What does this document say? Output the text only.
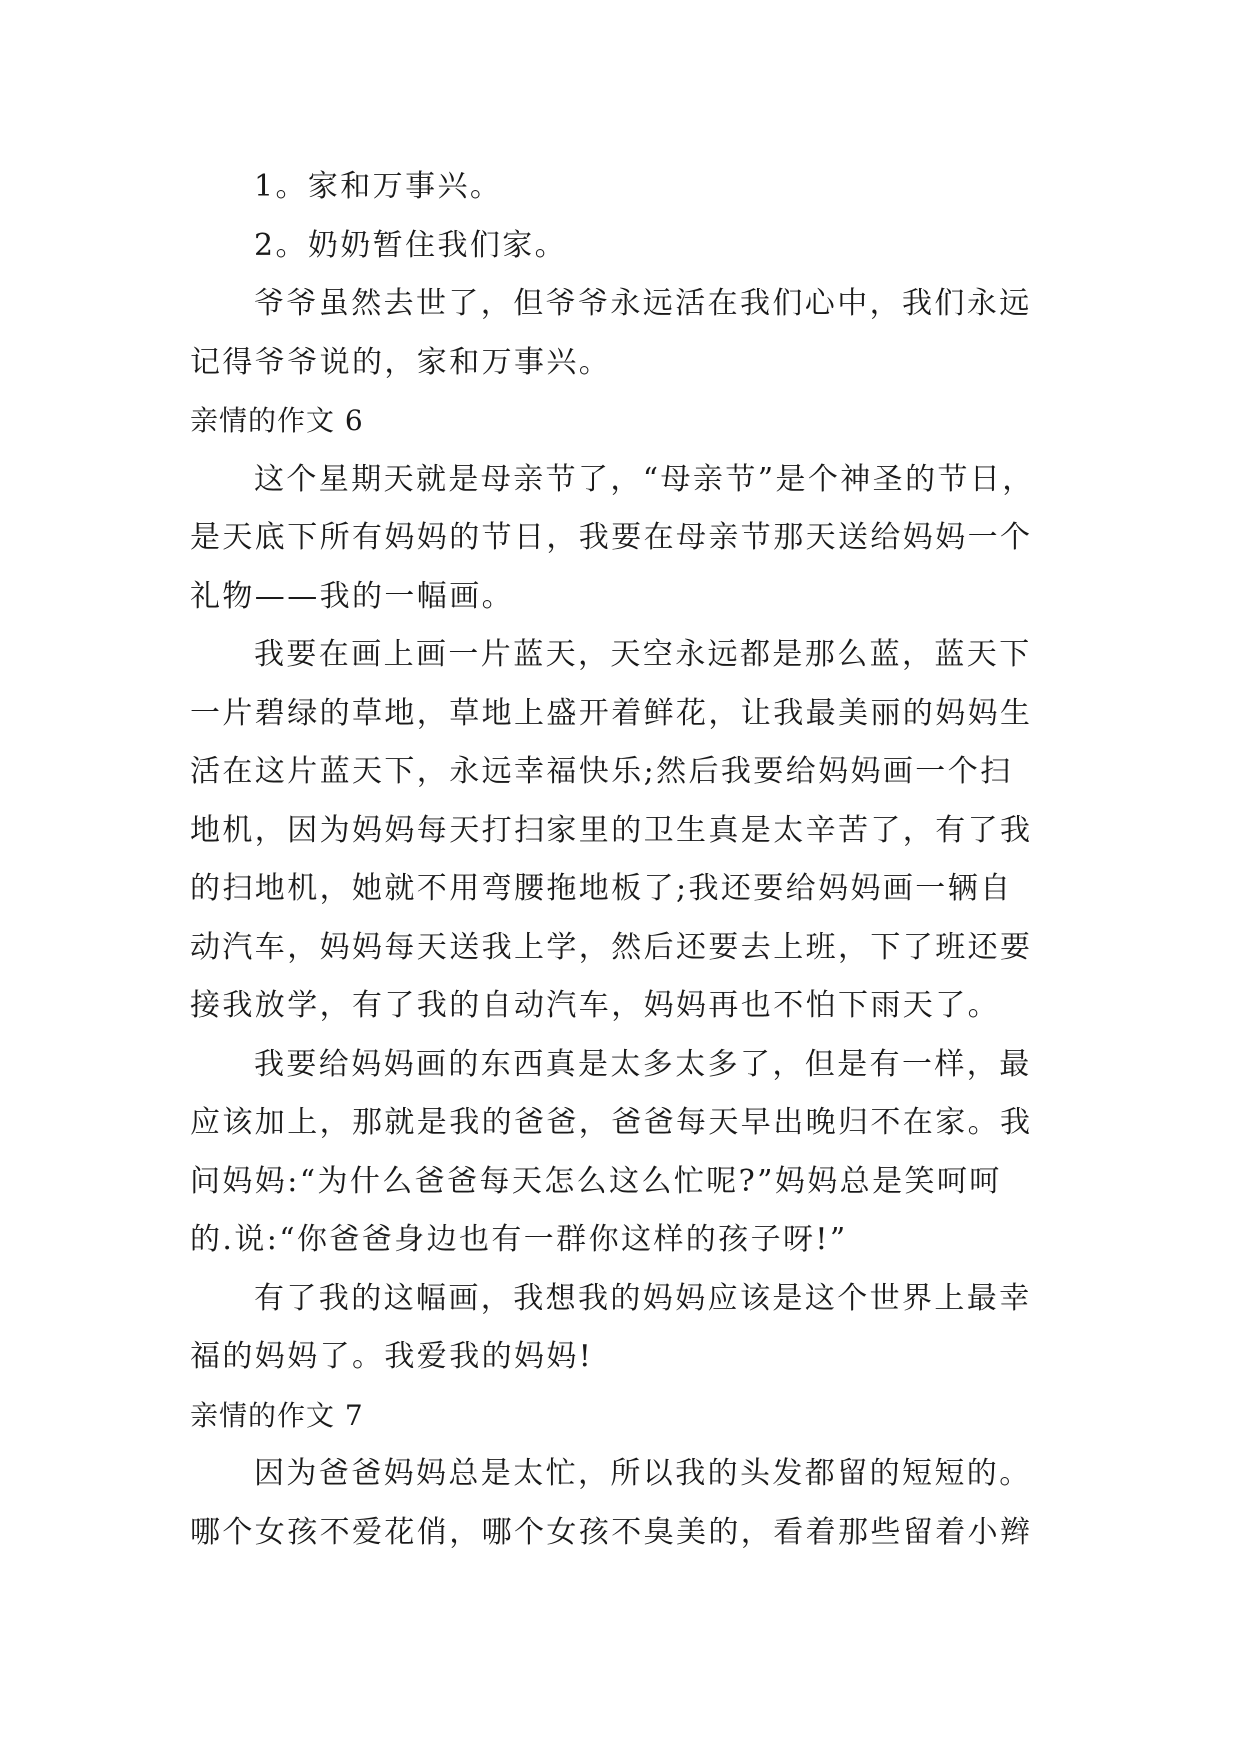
1。家和万事兴。
2。奶奶暂住我们家。
爷爷虽然去世了，但爷爷永远活在我们心中，我们永远
记得爷爷说的，家和万事兴。
亲情的作文 6
这个星期天就是母亲节了，“母亲节”是个神圣的节日，
是天底下所有妈妈的节日，我要在母亲节那天送给妈妈一个
礼物——我的一幅画。
我要在画上画一片蓝天，天空永远都是那么蓝，蓝天下
一片碧绿的草地，草地上盛开着鲜花，让我最美丽的妈妈生
活在这片蓝天下，永远幸福快乐;然后我要给妈妈画一个扫
地机，因为妈妈每天打扫家里的卫生真是太辛苦了，有了我
的扫地机，她就不用弯腰拖地板了;我还要给妈妈画一辆自
动汽车，妈妈每天送我上学，然后还要去上班，下了班还要
接我放学，有了我的自动汽车，妈妈再也不怕下雨天了。
我要给妈妈画的东西真是太多太多了，但是有一样，最
应该加上，那就是我的爸爸，爸爸每天早出晚归不在家。我
问妈妈:“为什么爸爸每天怎么这么忙呢?”妈妈总是笑呵呵
的.说:“你爸爸身边也有一群你这样的孩子呀!”
有了我的这幅画，我想我的妈妈应该是这个世界上最幸
福的妈妈了。我爱我的妈妈!
亲情的作文 7
因为爸爸妈妈总是太忙，所以我的头发都留的短短的。
哪个女孩不爱花俏，哪个女孩不臭美的，看着那些留着小辫
